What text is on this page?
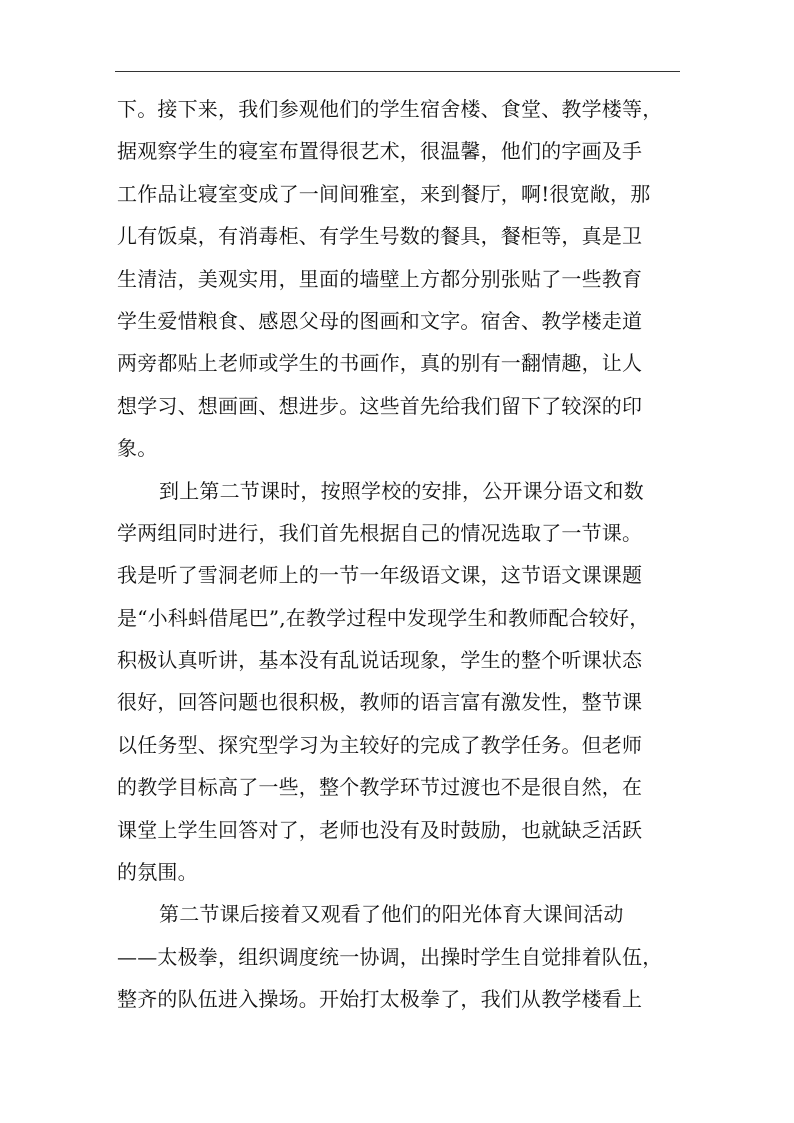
下。接下来，我们参观他们的学生宿舍楼、食堂、教学楼等，
据观察学生的寝室布置得很艺术，很温馨，他们的字画及手
工作品让寝室变成了一间间雅室，来到餐厅，啊!很宽敞，那
儿有饭桌，有消毒柜、有学生号数的餐具，餐柜等，真是卫
生清洁，美观实用，里面的墙壁上方都分别张贴了一些教育
学生爱惜粮食、感恩父母的图画和文字。宿舍、教学楼走道
两旁都贴上老师或学生的书画作，真的别有一翻情趣，让人
想学习、想画画、想进步。这些首先给我们留下了较深的印
象。
到上第二节课时，按照学校的安排，公开课分语文和数
学两组同时进行，我们首先根据自己的情况选取了一节课。
我是听了雪洞老师上的一节一年级语文课，这节语文课课题
是“小科蚪借尾巴”,在教学过程中发现学生和教师配合较好，
积极认真听讲，基本没有乱说话现象，学生的整个听课状态
很好，回答问题也很积极，教师的语言富有激发性，整节课
以任务型、探究型学习为主较好的完成了教学任务。但老师
的教学目标高了一些，整个教学环节过渡也不是很自然，在
课堂上学生回答对了，老师也没有及时鼓励，也就缺乏活跃
的氛围。
第二节课后接着又观看了他们的阳光体育大课间活动
——太极拳，组织调度统一协调，出操时学生自觉排着队伍，
整齐的队伍进入操场。开始打太极拳了，我们从教学楼看上
